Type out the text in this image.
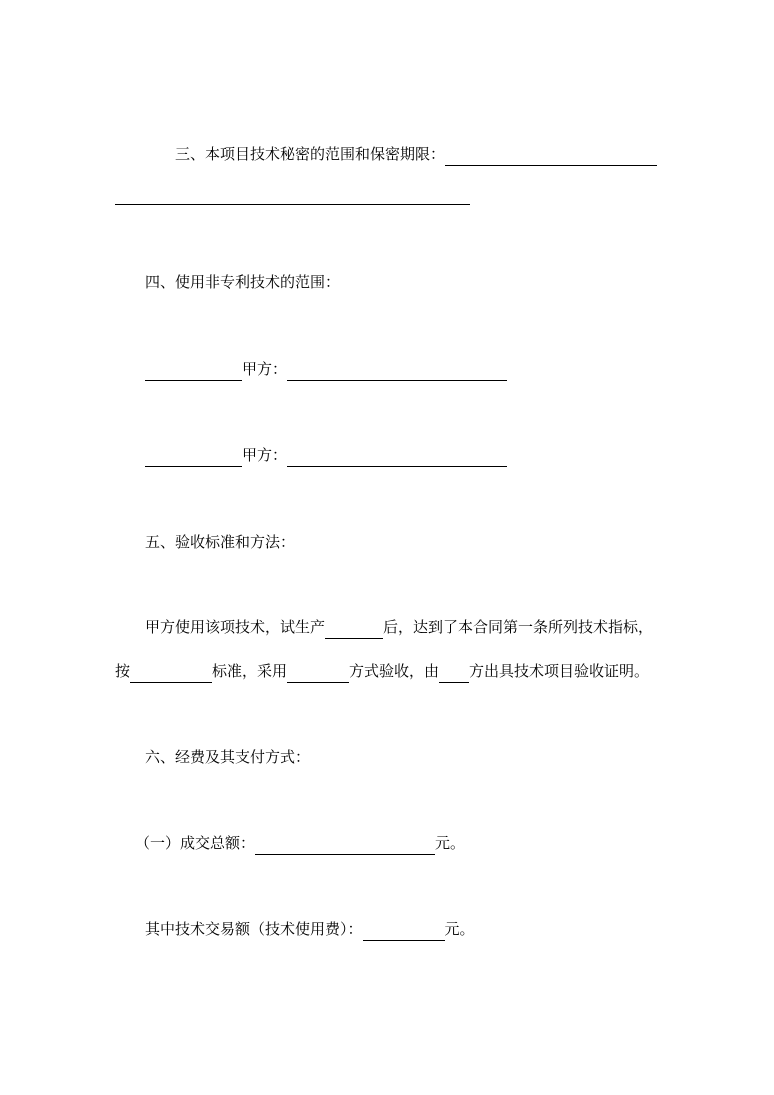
三、本项目技术秘密的范围和保密期限：
四、使用非专利技术的范围：
甲方：
甲方：
五、验收标准和方法：
甲方使用该项技术，试生产	后，达到了本合同第一条所列技术指标，
按	标准，采用	方式验收，由 方出具技术项目验收证明。
六、经费及其支付方式：
（一）成交总额：	元。
其中技术交易额（技术使用费）：	元。
